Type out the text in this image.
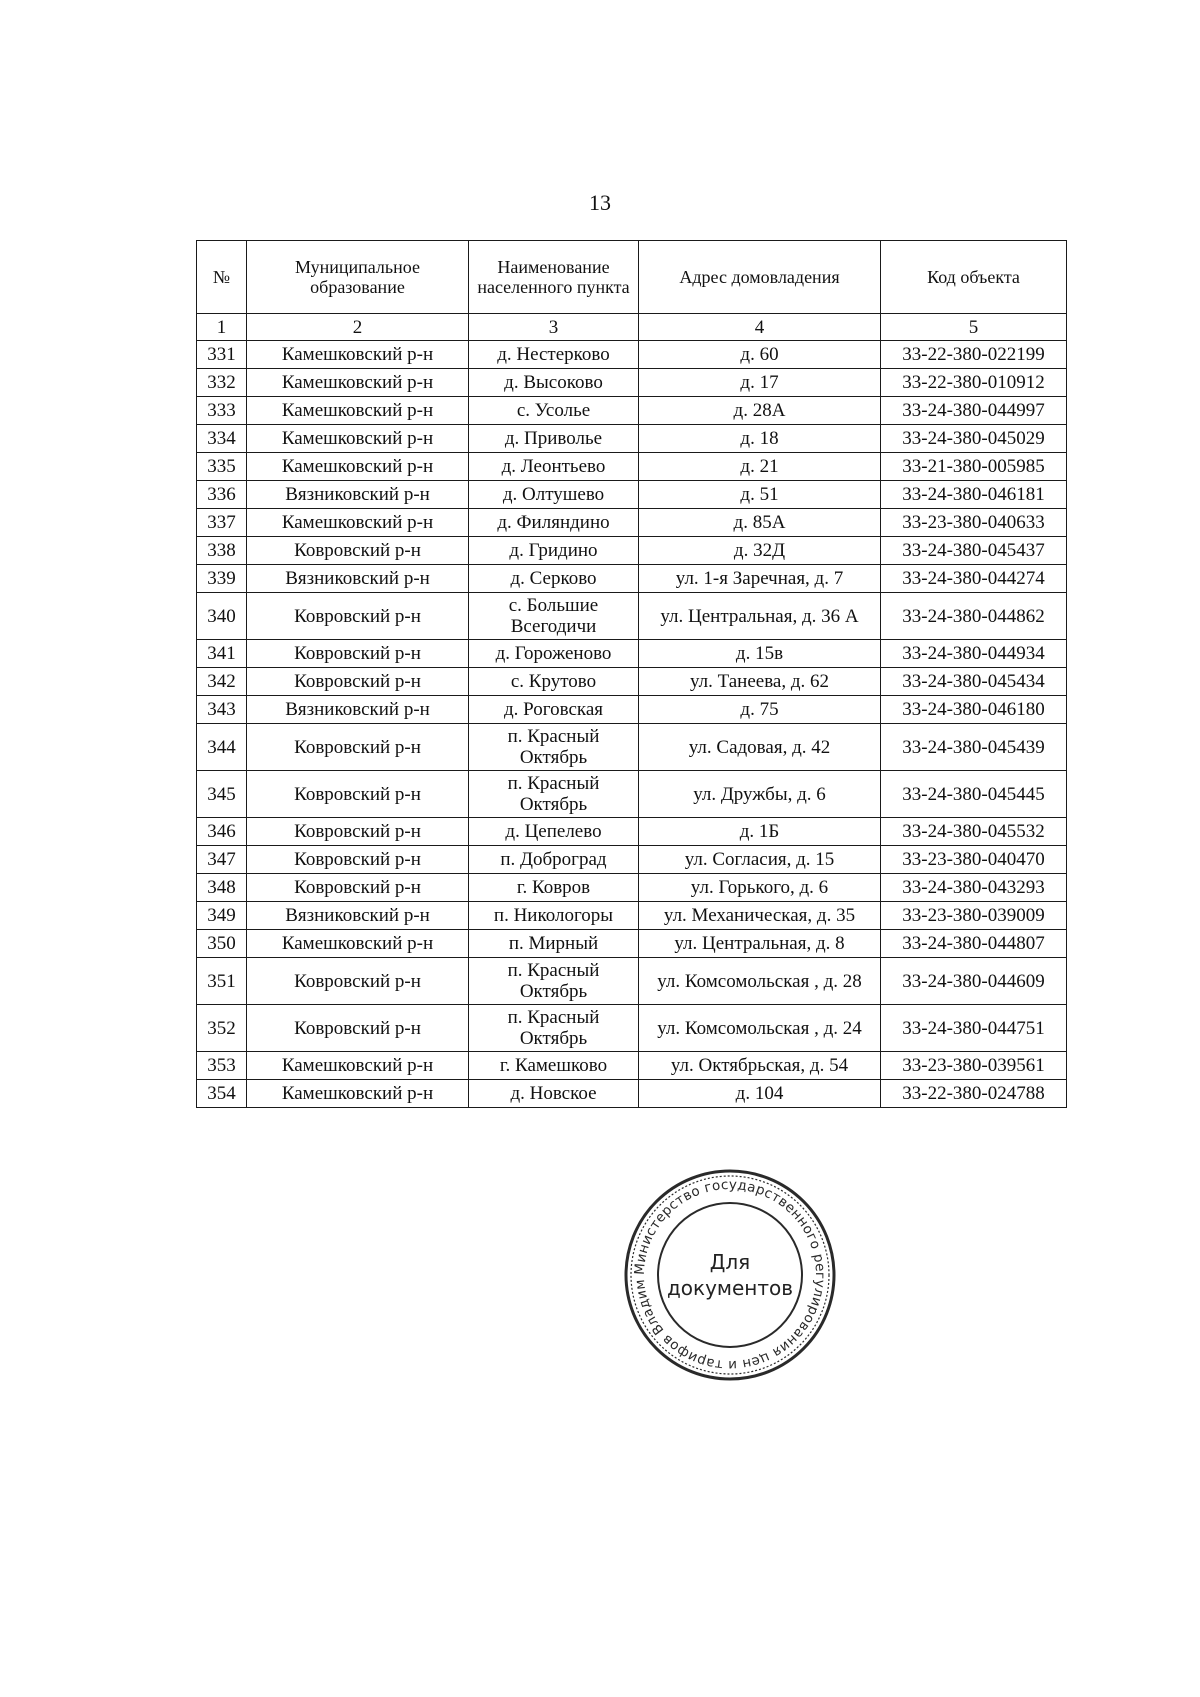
13
№	Муниципальное образование	Наименование населенного пункта	Адрес домовладения	Код объекта
1	2	3	4	5
331	Камешковский р-н	д. Нестерково	д. 60	33-22-380-022199
332	Камешковский р-н	д. Высоково	д. 17	33-22-380-010912
333	Камешковский р-н	с. Усолье	д. 28А	33-24-380-044997
334	Камешковский р-н	д. Приволье	д. 18	33-24-380-045029
335	Камешковский р-н	д. Леонтьево	д. 21	33-21-380-005985
336	Вязниковский р-н	д. Олтушево	д. 51	33-24-380-046181
337	Камешковский р-н	д. Филяндино	д. 85А	33-23-380-040633
338	Ковровский р-н	д. Гридино	д. 32Д	33-24-380-045437
339	Вязниковский р-н	д. Серково	ул. 1-я Заречная, д. 7	33-24-380-044274
340	Ковровский р-н	с. Большие Всегодичи	ул. Центральная, д. 36 А	33-24-380-044862
341	Ковровский р-н	д. Гороженово	д. 15в	33-24-380-044934
342	Ковровский р-н	с. Крутово	ул. Танеева, д. 62	33-24-380-045434
343	Вязниковский р-н	д. Роговская	д. 75	33-24-380-046180
344	Ковровский р-н	п. Красный Октябрь	ул. Садовая, д. 42	33-24-380-045439
345	Ковровский р-н	п. Красный Октябрь	ул. Дружбы, д. 6	33-24-380-045445
346	Ковровский р-н	д. Цепелево	д. 1Б	33-24-380-045532
347	Ковровский р-н	п. Доброград	ул. Согласия, д. 15	33-23-380-040470
348	Ковровский р-н	г. Ковров	ул. Горького, д. 6	33-24-380-043293
349	Вязниковский р-н	п. Никологоры	ул. Механическая, д. 35	33-23-380-039009
350	Камешковский р-н	п. Мирный	ул. Центральная, д. 8	33-24-380-044807
351	Ковровский р-н	п. Красный Октябрь	ул. Комсомольская , д. 28	33-24-380-044609
352	Ковровский р-н	п. Красный Октябрь	ул. Комсомольская , д. 24	33-24-380-044751
353	Камешковский р-н	г. Камешково	ул. Октябрьская, д. 54	33-23-380-039561
354	Камешковский р-н	д. Новское	д. 104	33-22-380-024788
Министерство государственного регулирования цен и тарифов Владим
Для
документов
